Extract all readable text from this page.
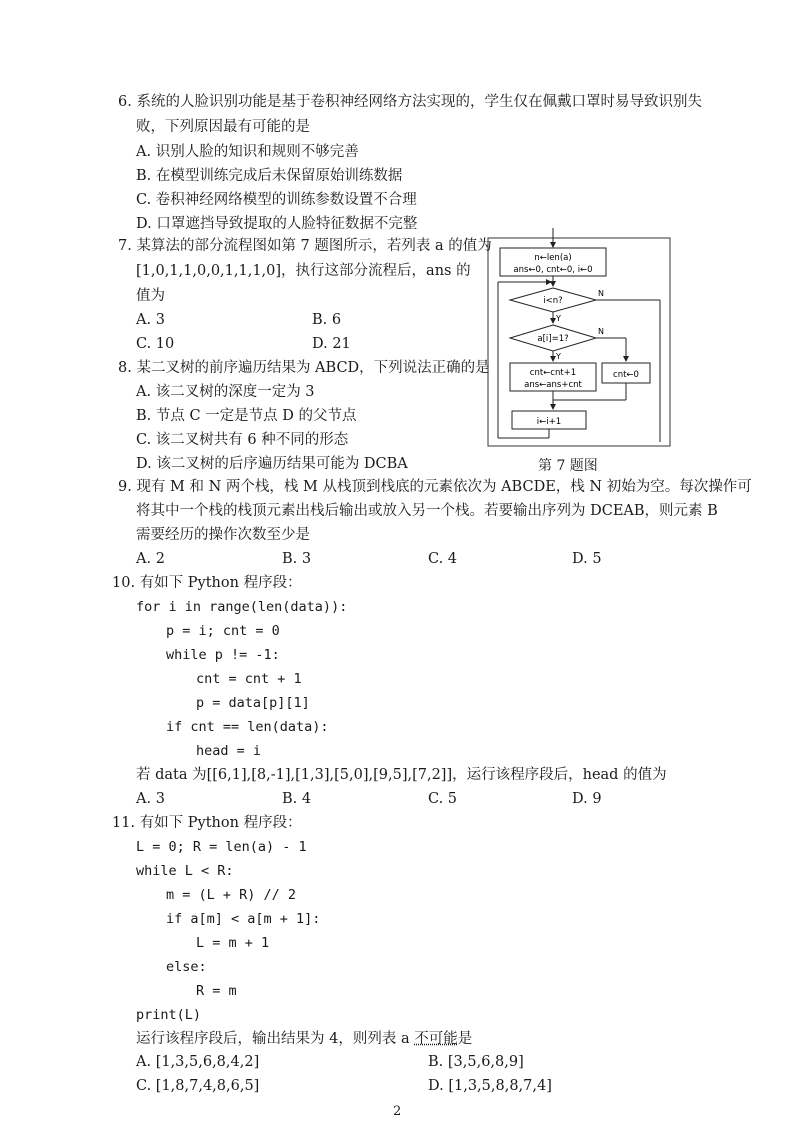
6. 系统的人脸识别功能是基于卷积神经网络方法实现的，学生仅在佩戴口罩时易导致识别失
败，下列原因最有可能的是
A. 识别人脸的知识和规则不够完善
B. 在模型训练完成后未保留原始训练数据
C. 卷积神经网络模型的训练参数设置不合理
D. 口罩遮挡导致提取的人脸特征数据不完整
7. 某算法的部分流程图如第 7 题图所示，若列表 a 的值为
[1,0,1,1,0,0,1,1,1,0]，执行这部分流程后，ans 的
值为
A. 3	B. 6
C. 10	D. 21
n←len(a)
ans←0, cnt←0, i←0
i<n?
N
Y
a[i]=1?
N
Y
cnt←cnt+1
ans←ans+cnt
cnt←0
i←i+1
第 7 题图
8. 某二叉树的前序遍历结果为 ABCD，下列说法正确的是
A. 该二叉树的深度一定为 3
B. 节点 C 一定是节点 D 的父节点
C. 该二叉树共有 6 种不同的形态
D. 该二叉树的后序遍历结果可能为 DCBA
9. 现有 M 和 N 两个栈，栈 M 从栈顶到栈底的元素依次为 ABCDE，栈 N 初始为空。每次操作可
将其中一个栈的栈顶元素出栈后输出或放入另一个栈。若要输出序列为 DCEAB，则元素 B
需要经历的操作次数至少是
A. 2	B. 3	C. 4	D. 5
10. 有如下 Python 程序段：
for i in range(len(data)):
p = i; cnt = 0
while p != -1:
cnt = cnt + 1
p = data[p][1]
if cnt == len(data):
head = i
若 data 为[[6,1],[8,-1],[1,3],[5,0],[9,5],[7,2]]，运行该程序段后，head 的值为
A. 3	B. 4	C. 5	D. 9
11. 有如下 Python 程序段：
L = 0; R = len(a) - 1
while L < R:
m = (L + R) // 2
if a[m] < a[m + 1]:
L = m + 1
else:
R = m
print(L)
运行该程序段后，输出结果为 4，则列表 a 不可能是
A. [1,3,5,6,8,4,2]	B. [3,5,6,8,9]
C. [1,8,7,4,8,6,5]	D. [1,3,5,8,8,7,4]
2
